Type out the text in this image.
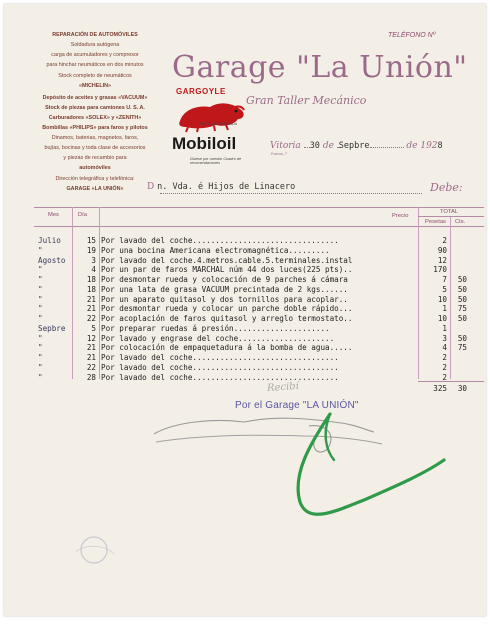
REPARACIÓN DE AUTOMÓVILES

Soldadura autógena

carga de acumuladores y compresor

para hinchar neumáticos en dos minutos

Stock completo de neumáticos

«MICHELIN»

Depósito de aceites y grasas «VACUUM»

Stock de piezas para camiones U. S. A.

Carburadores «SOLEX» y «ZENITH»

Bombillas «PHILIPS» para faros y pilotos

Dinamos, baterias, magnetos, faros,

bujías, bocinas y toda clase de accesorios

y piezas de recambio para

automóviles

Dirección telegráfica y telefónica:

GARAGE «LA UNIÓN»

TELÉFONO Nº
Garage "La Unión"
Gran Taller Mecánico
GARGOYLE
MARCA REGISTRADA
Mobiloil
Guiese por nuestro Cuadro de recomendaciones
Vitoria 30 de Sepbre	de 1928
Fueros, 7
D n. Vda. é Hijos de Linacero	Debe:
Mes	Día	Precio
TOTAL
Pesetas Cts.
Julio	15 Por lavado del coche................................	2
"	19 Por una bocina Americana electromagnética.........	90
Agosto	3 Por lavado del coche.4.metros.cable.5.terminales.instal	12
"	4 Por un par de faros MARCHAL núm 44 dos luces(225 pts)..	170
"	18 Por desmontar rueda y colocación de 9 parches á cámara	7	50
"	18 Por una lata de grasa VACUUM precintada de 2 kgs......	5	50
"	21 Por un aparato quitasol y dos tornillos para acoplar..	10	50
"	21 Por desmontar rueda y colocar un parche doble rápido...	1	75
"	22 Por acoplación de faros quitasol y arreglo termostato..	10	50
Sepbre	5 Por preparar ruedas á presión.....................	1
"	12 Por lavado y engrase del coche.....................	3	50
"	21 Por colocación de empaquetadura á la bomba de agua.....	4	75
"	21 Por lavado del coche................................	2
"	22 Por lavado del coche................................	2
"	28 Por lavado del coche................................	2
325	30
Recibí
Por el Garage "LA UNIÓN"
